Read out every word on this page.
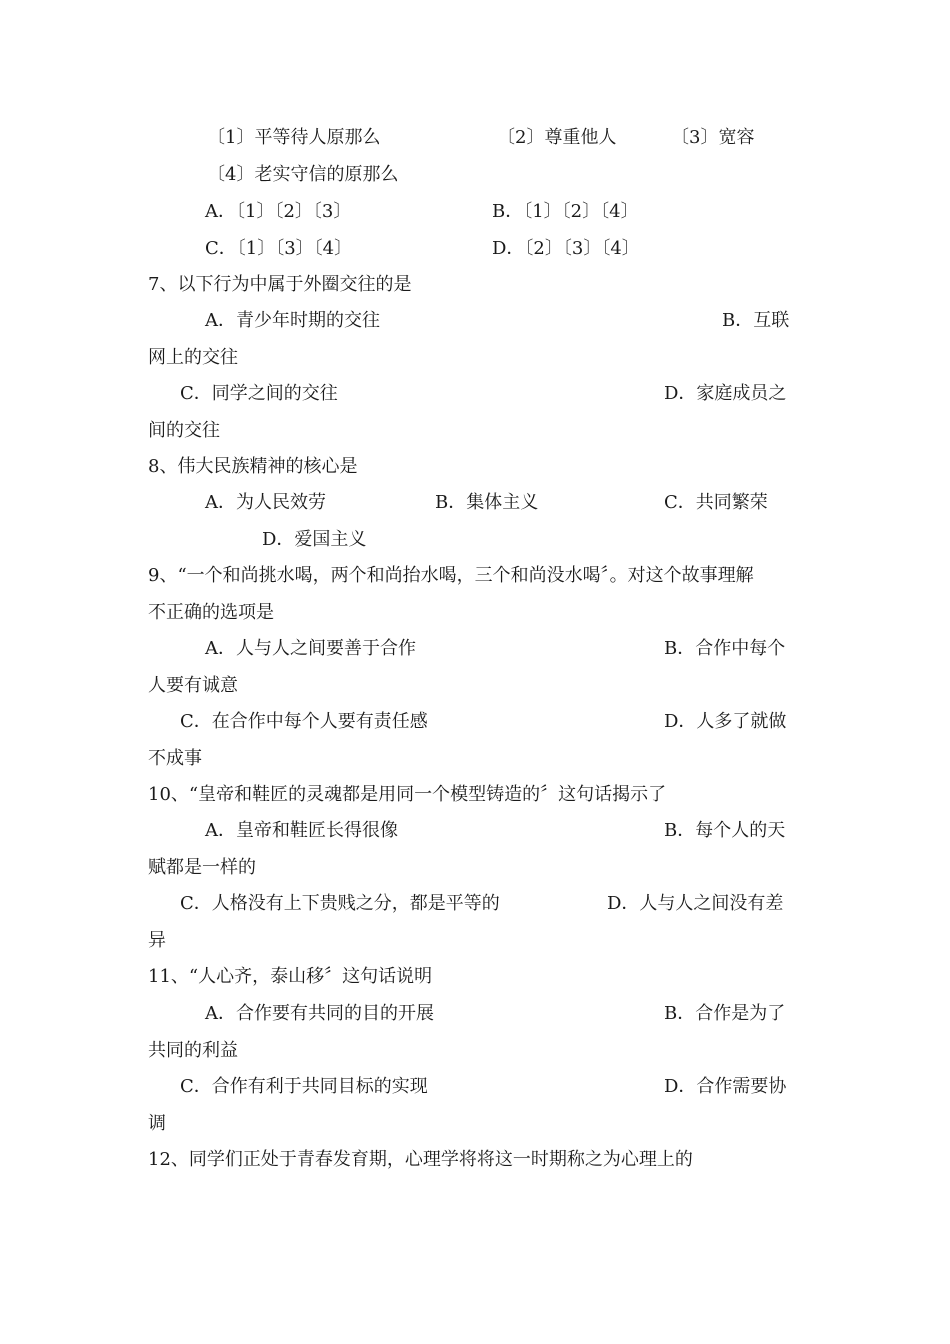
〔1〕平等待人原那么	〔2〕尊重他人	〔3〕宽容
〔4〕老实守信的原那么
A．〔1〕〔2〕〔3〕	B．〔1〕〔2〕〔4〕
C．〔1〕〔3〕〔4〕	D．〔2〕〔3〕〔4〕
7、以下行为中属于外圈交往的是
A．青少年时期的交往	B．互联
网上的交往
C．同学之间的交往	D．家庭成员之
间的交往
8、伟大民族精神的核心是
A．为人民效劳	B．集体主义	C．共同繁荣
D．爱国主义
9、“一个和尚挑水喝，两个和尚抬水喝，三个和尚没水喝〞。对这个故事理解
不正确的选项是
A．人与人之间要善于合作	B．合作中每个
人要有诚意
C．在合作中每个人要有责任感	D．人多了就做
不成事
10、“皇帝和鞋匠的灵魂都是用同一个模型铸造的〞这句话揭示了
A．皇帝和鞋匠长得很像	B．每个人的天
赋都是一样的
C．人格没有上下贵贱之分，都是平等的	D．人与人之间没有差
异
11、“人心齐，泰山移〞这句话说明
A．合作要有共同的目的开展	B．合作是为了
共同的利益
C．合作有利于共同目标的实现	D．合作需要协
调
12、同学们正处于青春发育期，心理学将将这一时期称之为心理上的
